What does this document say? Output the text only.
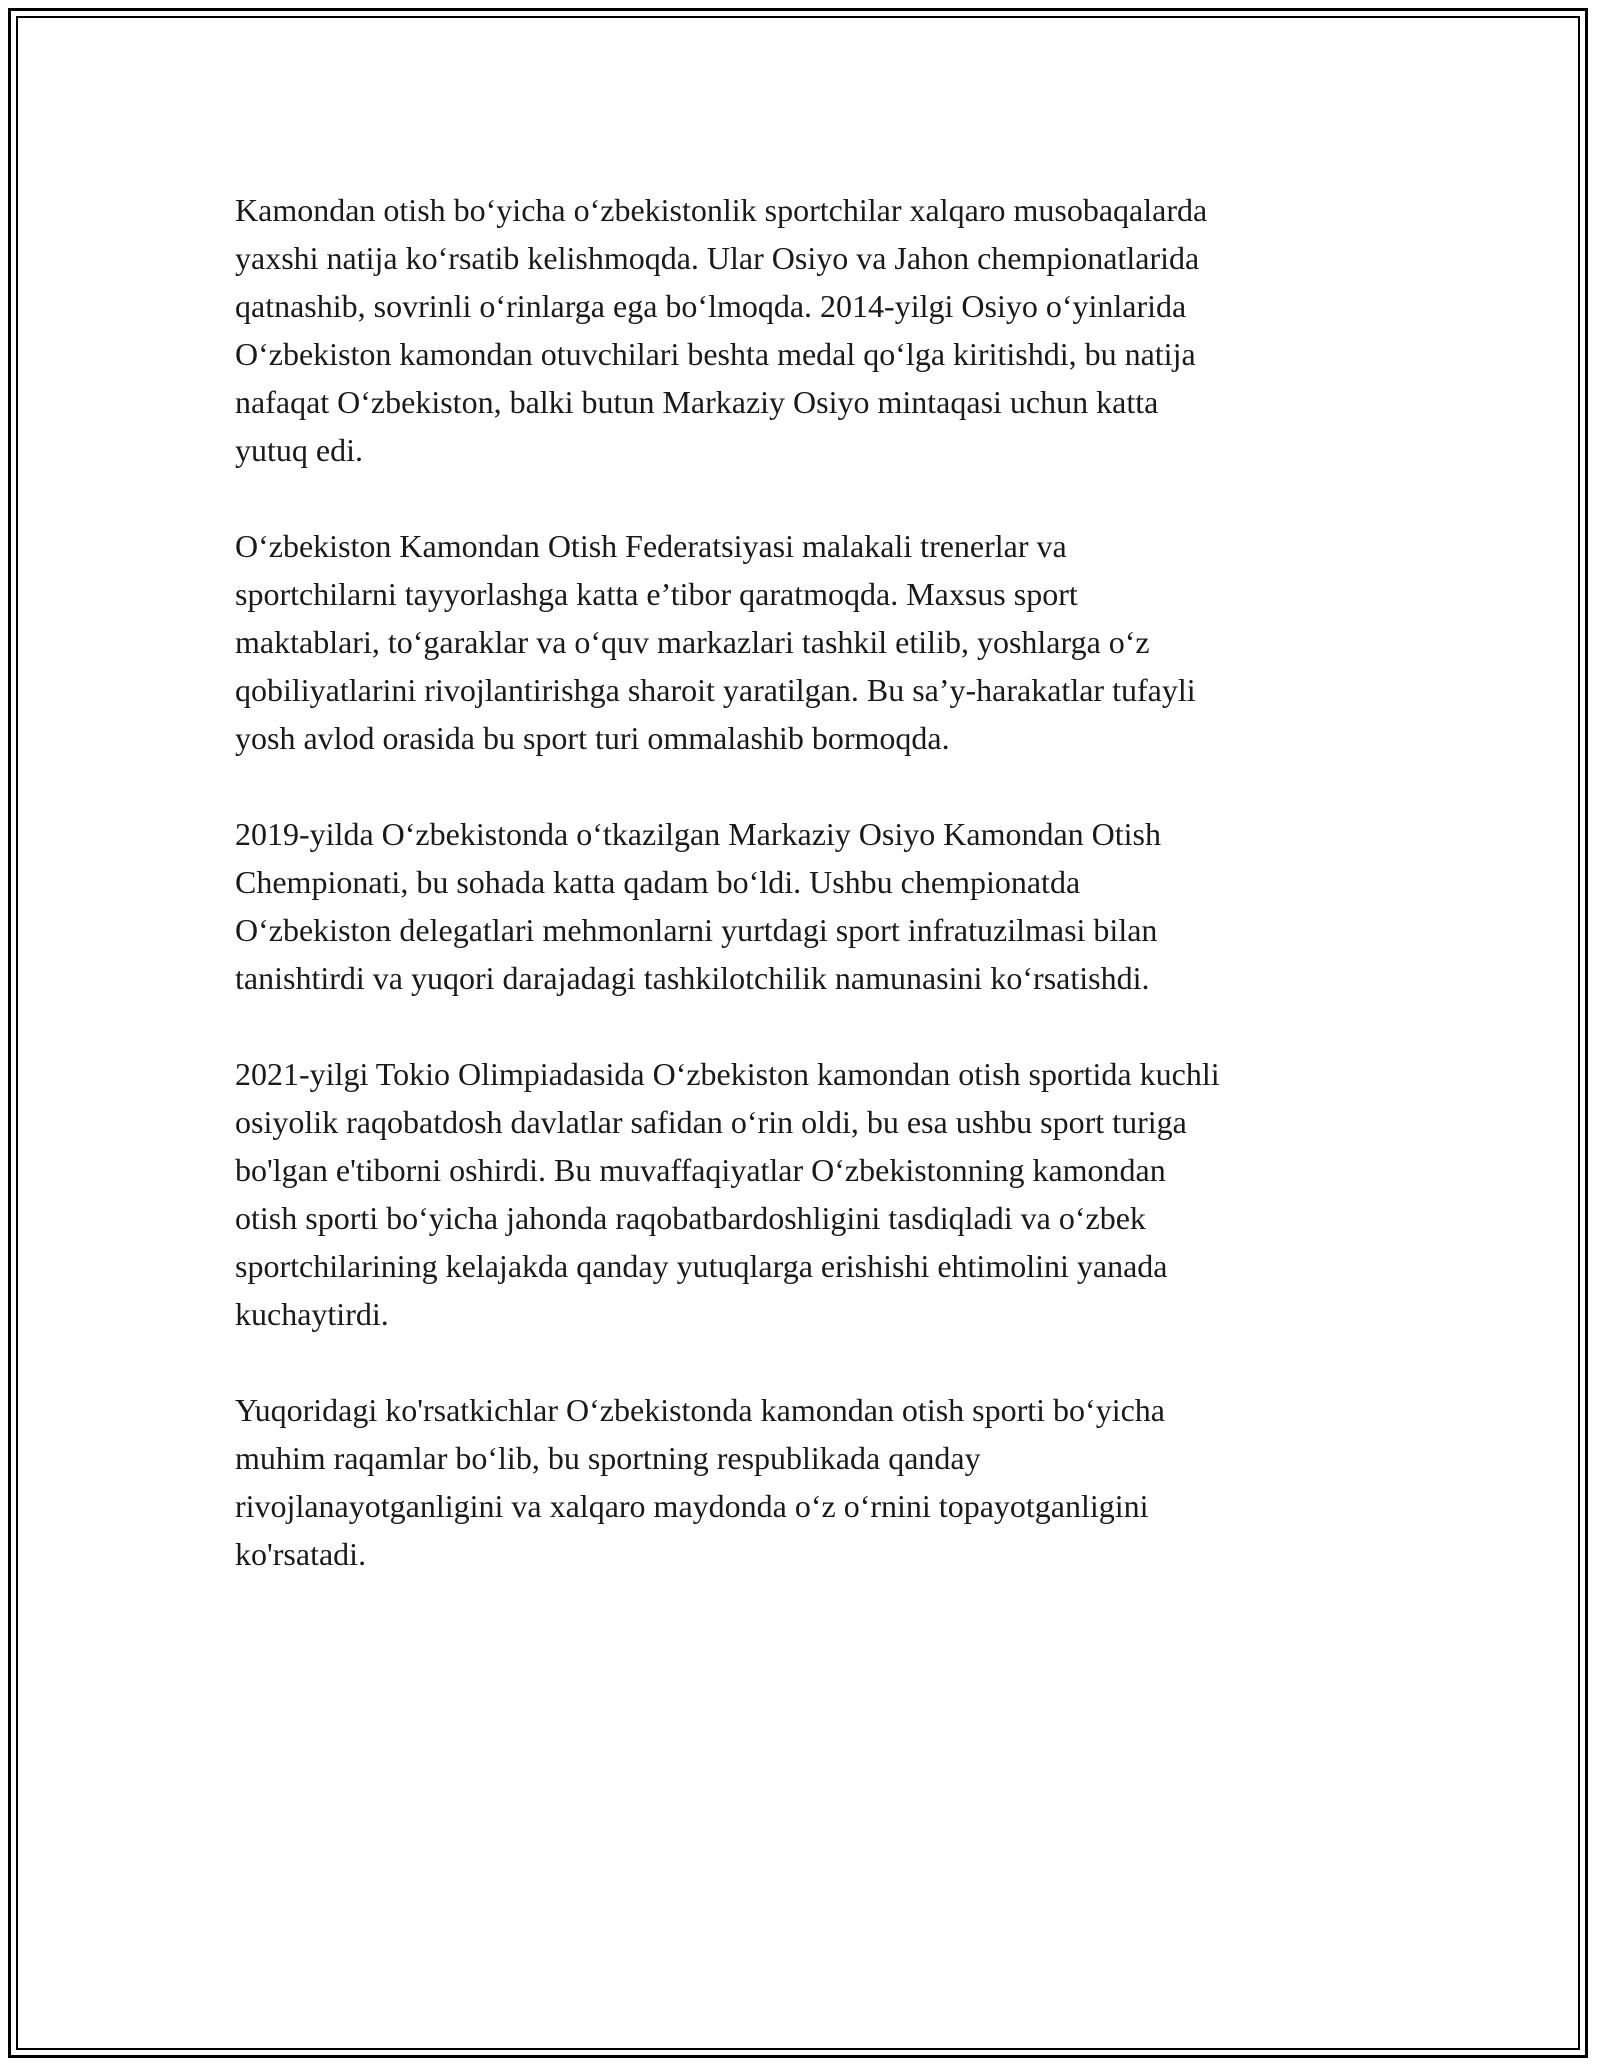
Kamondan otish boʻyicha oʻzbekistonlik sportchilar xalqaro musobaqalarda
yaxshi natija koʻrsatib kelishmoqda. Ular Osiyo va Jahon chempionatlarida
qatnashib, sovrinli oʻrinlarga ega boʻlmoqda. 2014-yilgi Osiyo oʻyinlarida
Oʻzbekiston kamondan otuvchilari beshta medal qoʻlga kiritishdi, bu natija
nafaqat Oʻzbekiston, balki butun Markaziy Osiyo mintaqasi uchun katta
yutuq edi.

Oʻzbekiston Kamondan Otish Federatsiyasi malakali trenerlar va
sportchilarni tayyorlashga katta e’tibor qaratmoqda. Maxsus sport
maktablari, toʻgaraklar va oʻquv markazlari tashkil etilib, yoshlarga oʻz
qobiliyatlarini rivojlantirishga sharoit yaratilgan. Bu sa’y-harakatlar tufayli
yosh avlod orasida bu sport turi ommalashib bormoqda.

2019-yilda Oʻzbekistonda oʻtkazilgan Markaziy Osiyo Kamondan Otish
Chempionati, bu sohada katta qadam boʻldi. Ushbu chempionatda
Oʻzbekiston delegatlari mehmonlarni yurtdagi sport infratuzilmasi bilan
tanishtirdi va yuqori darajadagi tashkilotchilik namunasini koʻrsatishdi.

2021-yilgi Tokio Olimpiadasida Oʻzbekiston kamondan otish sportida kuchli
osiyolik raqobatdosh davlatlar safidan oʻrin oldi, bu esa ushbu sport turiga
bo'lgan e'tiborni oshirdi. Bu muvaffaqiyatlar Oʻzbekistonning kamondan
otish sporti boʻyicha jahonda raqobatbardoshligini tasdiqladi va oʻzbek
sportchilarining kelajakda qanday yutuqlarga erishishi ehtimolini yanada
kuchaytirdi.

Yuqoridagi ko'rsatkichlar Oʻzbekistonda kamondan otish sporti boʻyicha
muhim raqamlar boʻlib, bu sportning respublikada qanday
rivojlanayotganligini va xalqaro maydonda oʻz oʻrnini topayotganligini
ko'rsatadi.
